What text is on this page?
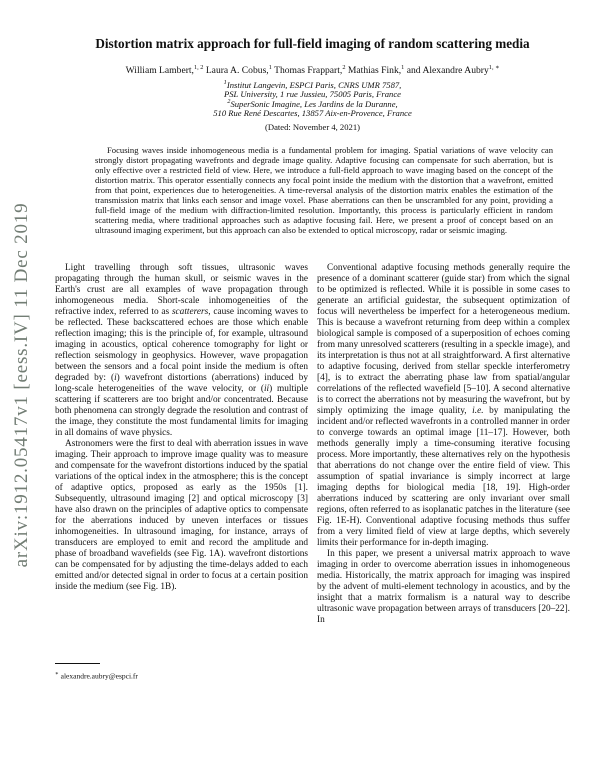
arXiv:1912.05417v1 [eess.IV] 11 Dec 2019
Distortion matrix approach for full-field imaging of random scattering media
William Lambert,$^{1, 2}$ Laura A. Cobus,$^1$ Thomas Frappart,$^2$ Mathias Fink,$^1$ and Alexandre Aubry$^{1, ∗}$
$^1$Institut Langevin, ESPCI Paris, CNRS UMR 7587,
PSL University, 1 rue Jussieu, 75005 Paris, France
$^2$SuperSonic Imagine, Les Jardins de la Duranne,
510 Rue René Descartes, 13857 Aix-en-Provence, France
(Dated: November 4, 2021)

Focusing waves inside inhomogeneous media is a fundamental problem for imaging. Spatial variations of wave velocity can strongly distort propagating wavefronts and degrade image quality. Adaptive focusing can compensate for such aberration, but is only effective over a restricted field of view. Here, we introduce a full-field approach to wave imaging based on the concept of the distortion matrix. This operator essentially connects any focal point inside the medium with the distortion that a wavefront, emitted from that point, experiences due to heterogeneities. A time-reversal analysis of the distortion matrix enables the estimation of the transmission matrix that links each sensor and image voxel. Phase aberrations can then be unscrambled for any point, providing a full-field image of the medium with diffraction-limited resolution. Importantly, this process is particularly efficient in random scattering media, where traditional approaches such as adaptive focusing fail. Here, we present a proof of concept based on an ultrasound imaging experiment, but this approach can also be extended to optical microscopy, radar or seismic imaging.

Light travelling through soft tissues, ultrasonic waves propagating through the human skull, or seismic waves in the Earth's crust are all examples of wave propagation through inhomogeneous media. Short-scale inhomogeneities of the refractive index, referred to as scatterers, cause incoming waves to be reflected. These backscattered echoes are those which enable reflection imaging; this is the principle of, for example, ultrasound imaging in acoustics, optical coherence tomography for light or reflection seismology in geophysics. However, wave propagation between the sensors and a focal point inside the medium is often degraded by: (i) wavefront distortions (aberrations) induced by long-scale heterogeneities of the wave velocity, or (ii) multiple scattering if scatterers are too bright and/or concentrated. Because both phenomena can strongly degrade the resolution and contrast of the image, they constitute the most fundamental limits for imaging in all domains of wave physics.

Astronomers were the first to deal with aberration issues in wave imaging. Their approach to improve image quality was to measure and compensate for the wavefront distortions induced by the spatial variations of the optical index in the atmosphere; this is the concept of adaptive optics, proposed as early as the 1950s [1]. Subsequently, ultrasound imaging [2] and optical microscopy [3] have also drawn on the principles of adaptive optics to compensate for the aberrations induced by uneven interfaces or tissues inhomogeneities. In ultrasound imaging, for instance, arrays of transducers are employed to emit and record the amplitude and phase of broadband wavefields (see Fig. 1A). wavefront distortions can be compensated for by adjusting the time-delays added to each emitted and/or detected signal in order to focus at a certain position inside the medium (see Fig. 1B).

∗ alexandre.aubry@espci.fr

Conventional adaptive focusing methods generally require the presence of a dominant scatterer (guide star) from which the signal to be optimized is reflected. While it is possible in some cases to generate an artificial guidestar, the subsequent optimization of focus will nevertheless be imperfect for a heterogeneous medium. This is because a wavefront returning from deep within a complex biological sample is composed of a superposition of echoes coming from many unresolved scatterers (resulting in a speckle image), and its interpretation is thus not at all straightforward. A first alternative to adaptive focusing, derived from stellar speckle interferometry [4], is to extract the aberrating phase law from spatial/angular correlations of the reflected wavefield [5–10]. A second alternative is to correct the aberrations not by measuring the wavefront, but by simply optimizing the image quality, i.e. by manipulating the incident and/or reflected wavefronts in a controlled manner in order to converge towards an optimal image [11–17]. However, both methods generally imply a time-consuming iterative focusing process. More importantly, these alternatives rely on the hypothesis that aberrations do not change over the entire field of view. This assumption of spatial invariance is simply incorrect at large imaging depths for biological media [18, 19]. High-order aberrations induced by scattering are only invariant over small regions, often referred to as isoplanatic patches in the literature (see Fig. 1E-H). Conventional adaptive focusing methods thus suffer from a very limited field of view at large depths, which severely limits their performance for in-depth imaging.

In this paper, we present a universal matrix approach to wave imaging in order to overcome aberration issues in inhomogeneous media. Historically, the matrix approach for imaging was inspired by the advent of multi-element technology in acoustics, and by the insight that a matrix formalism is a natural way to describe ultrasonic wave propagation between arrays of transducers [20–22]. In
